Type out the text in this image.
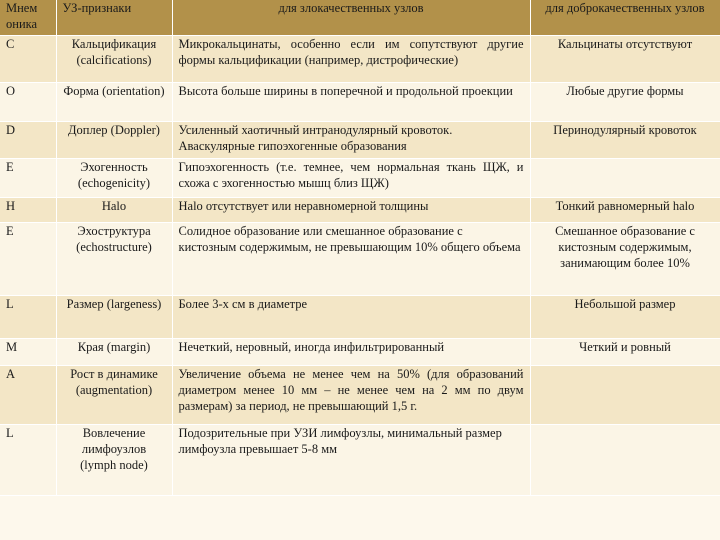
Мнем
оника	УЗ-признаки	для злокачественных узлов	для доброкачественных узлов
C	Кальцификация (calcifications)	Микрокальцинаты, особенно если им сопутствуют другие формы кальцификации (например, дистрофические)	Кальцинаты отсутствуют
O	Форма (orientation)	Высота больше ширины в поперечной и продольной проекции	Любые другие формы
D	Доплер (Doppler)	Усиленный хаотичный интранодулярный кровоток. Аваскулярные гипоэхогенные образования	Перинодулярный кровоток
E	Эхогенность (echogenicity)	Гипоэхогенность (т.е. темнее, чем нормальная ткань ЩЖ, и схожа с эхогенностью мышц близ ЩЖ)	
H	Halo	Halo отсутствует или неравномерной толщины	Тонкий равномерный halo
E	Эхоструктура (echostructure)	Солидное образование или смешанное образование с кистозным содержимым, не превышающим 10% общего объема	Смешанное образование с кистозным содержимым, занимающим более 10%
L	Размер (largeness)	Более 3-х см в диаметре	Небольшой размер
M	Края (margin)	Нечеткий, неровный, иногда инфильтрированный	Четкий и ровный
A	Рост в динамике (augmentation)	Увеличение объема не менее чем на 50% (для образований диаметром менее 10 мм – не менее чем на 2 мм по двум размерам) за период, не превышающий 1,5 г.	
L	Вовлечение лимфоузлов (lymph node)	Подозрительные при УЗИ лимфоузлы, минимальный размер лимфоузла превышает 5-8 мм	
